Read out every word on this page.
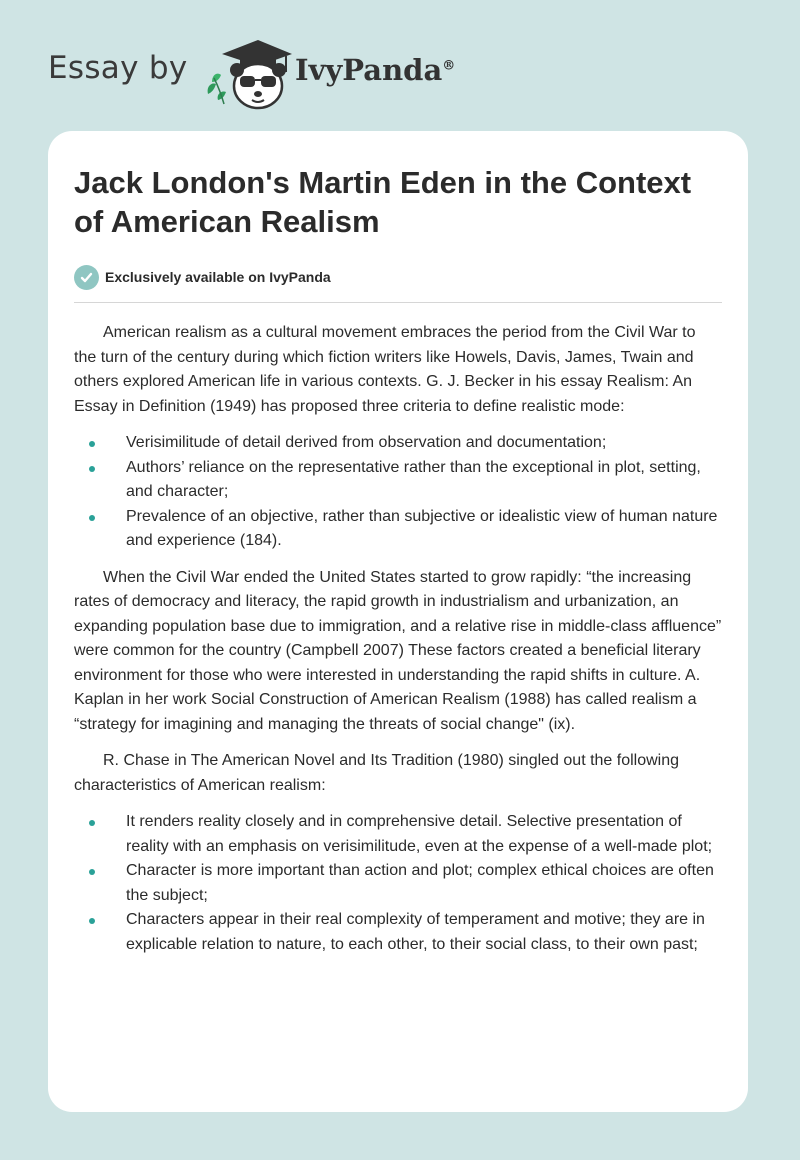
Essay by	IvyPanda®
Jack London's Martin Eden in the Context of American Realism
Exclusively available on IvyPanda

American realism as a cultural movement embraces the period from the Civil War to the turn of the century during which fiction writers like Howels, Davis, James, Twain and others explored American life in various contexts. G. J. Becker in his essay Realism: An Essay in Definition (1949) has proposed three criteria to define realistic mode:

Verisimilitude of detail derived from observation and documentation;
Authors’ reliance on the representative rather than the exceptional in plot, setting, and character;
Prevalence of an objective, rather than subjective or idealistic view of human nature and experience (184).

When the Civil War ended the United States started to grow rapidly: “the increasing rates of democracy and literacy, the rapid growth in industrialism and urbanization, an expanding population base due to immigration, and a relative rise in middle-class affluence” were common for the country (Campbell 2007) These factors created a beneficial literary environment for those who were interested in understanding the rapid shifts in culture. A. Kaplan in her work Social Construction of American Realism (1988) has called realism a “strategy for imagining and managing the threats of social change" (ix).

R. Chase in The American Novel and Its Tradition (1980) singled out the following characteristics of American realism:

It renders reality closely and in comprehensive detail. Selective presentation of reality with an emphasis on verisimilitude, even at the expense of a well-made plot;
Character is more important than action and plot; complex ethical choices are often the subject;
Characters appear in their real complexity of temperament and motive; they are in explicable relation to nature, to each other, to their social class, to their own past;
